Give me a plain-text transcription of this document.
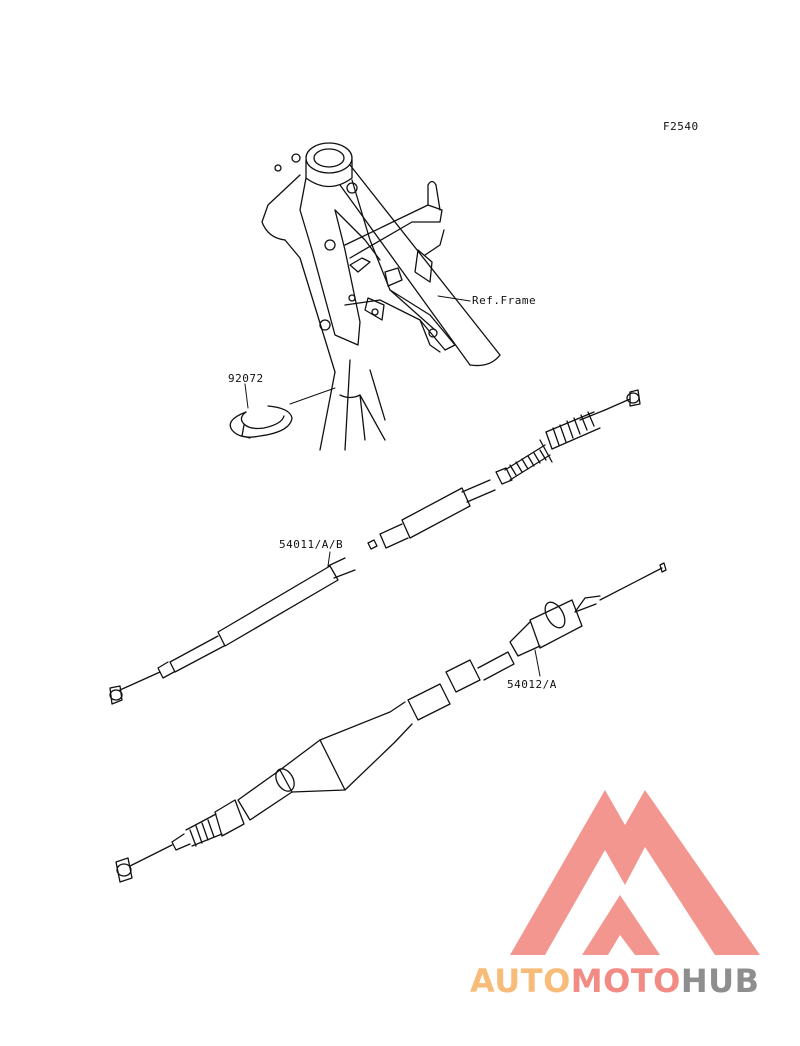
F2540
Ref.Frame
92072
54011/A/B
54012/A
AUTOMOTOHUB
